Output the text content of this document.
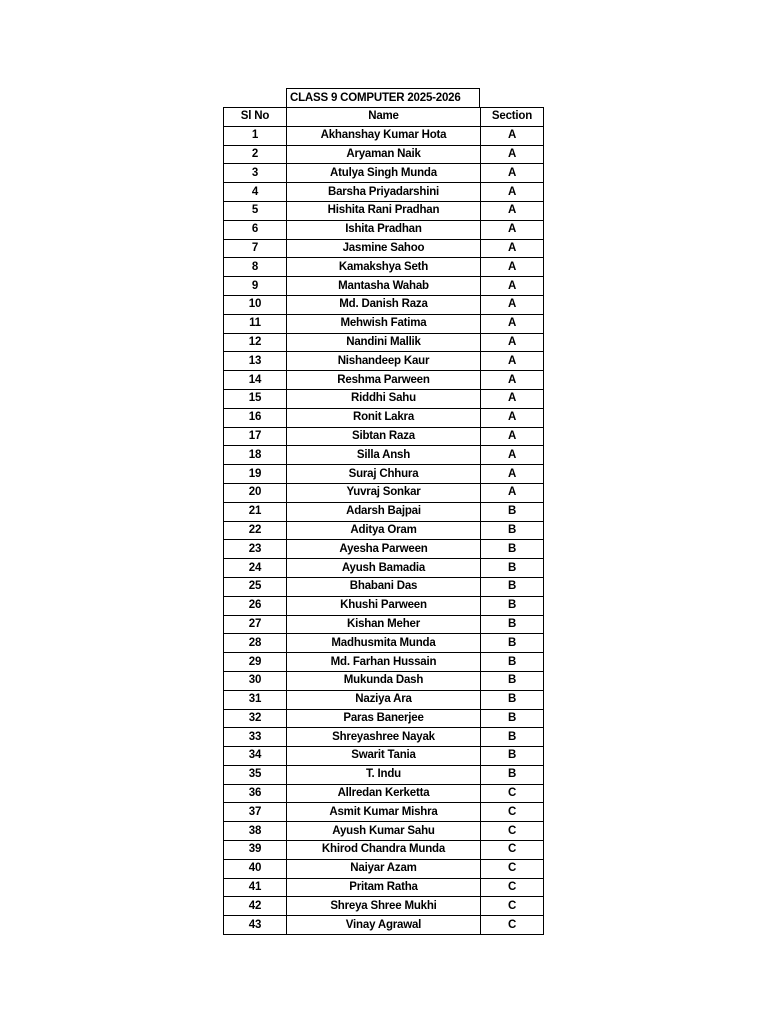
CLASS 9 COMPUTER 2025-2026
Sl No	Name	Section
1	Akhanshay Kumar Hota	A
2	Aryaman Naik	A
3	Atulya Singh Munda	A
4	Barsha Priyadarshini	A
5	Hishita Rani Pradhan	A
6	Ishita Pradhan	A
7	Jasmine Sahoo	A
8	Kamakshya Seth	A
9	Mantasha Wahab	A
10	Md. Danish Raza	A
11	Mehwish Fatima	A
12	Nandini Mallik	A
13	Nishandeep Kaur	A
14	Reshma Parween	A
15	Riddhi Sahu	A
16	Ronit Lakra	A
17	Sibtan Raza	A
18	Silla Ansh	A
19	Suraj Chhura	A
20	Yuvraj Sonkar	A
21	Adarsh Bajpai	B
22	Aditya Oram	B
23	Ayesha Parween	B
24	Ayush Bamadia	B
25	Bhabani Das	B
26	Khushi Parween	B
27	Kishan Meher	B
28	Madhusmita Munda	B
29	Md. Farhan Hussain	B
30	Mukunda Dash	B
31	Naziya Ara	B
32	Paras Banerjee	B
33	Shreyashree Nayak	B
34	Swarit Tania	B
35	T. Indu	B
36	Allredan Kerketta	C
37	Asmit Kumar Mishra	C
38	Ayush Kumar Sahu	C
39	Khirod Chandra Munda	C
40	Naiyar Azam	C
41	Pritam Ratha	C
42	Shreya Shree Mukhi	C
43	Vinay Agrawal	C
